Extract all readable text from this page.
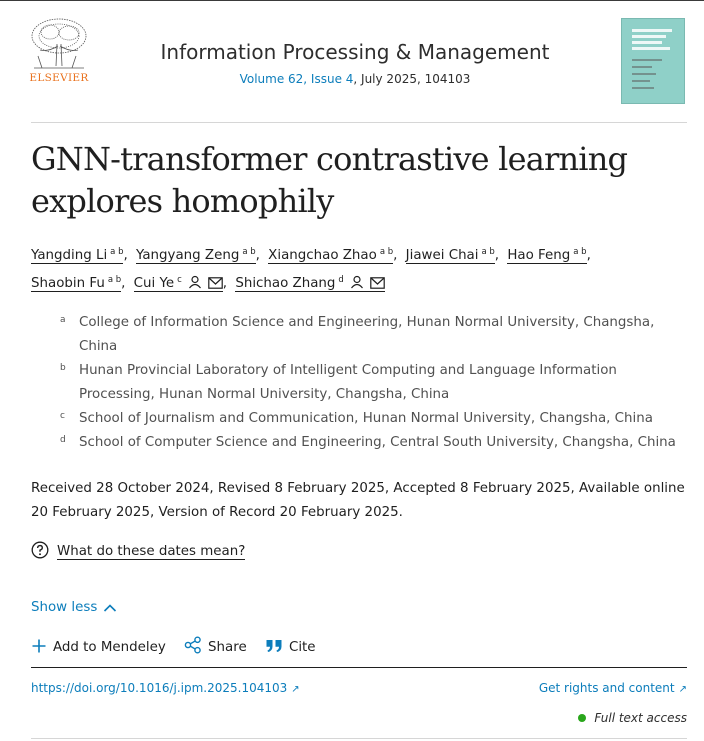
ELSEVIER
Information Processing & Management
Volume 62, Issue 4, July 2025, 104103
GNN-transformer contrastive learning explores homophily
Yangding Li $^{a b}$, Yangyang Zeng $^{a b}$, Xiangchao Zhao $^{a b}$, Jiawei Chai $^{a b}$, Hao Feng $^{a b}$,
Shaobin Fu $^{a b}$, Cui Ye $^c$	, Shichao Zhang $^d$
a College of Information Science and Engineering, Hunan Normal University, Changsha, China
b Hunan Provincial Laboratory of Intelligent Computing and Language Information Processing, Hunan Normal University, Changsha, China
c School of Journalism and Communication, Hunan Normal University, Changsha, China
d School of Computer Science and Engineering, Central South University, Changsha, China
Received 28 October 2024, Revised 8 February 2025, Accepted 8 February 2025, Available online 20 February 2025, Version of Record 20 February 2025.
What do these dates mean?
Show less
Add to Mendeley	Share	Cite
https://doi.org/10.1016/j.ipm.2025.104103 ↗	Get rights and content ↗
Full text access
